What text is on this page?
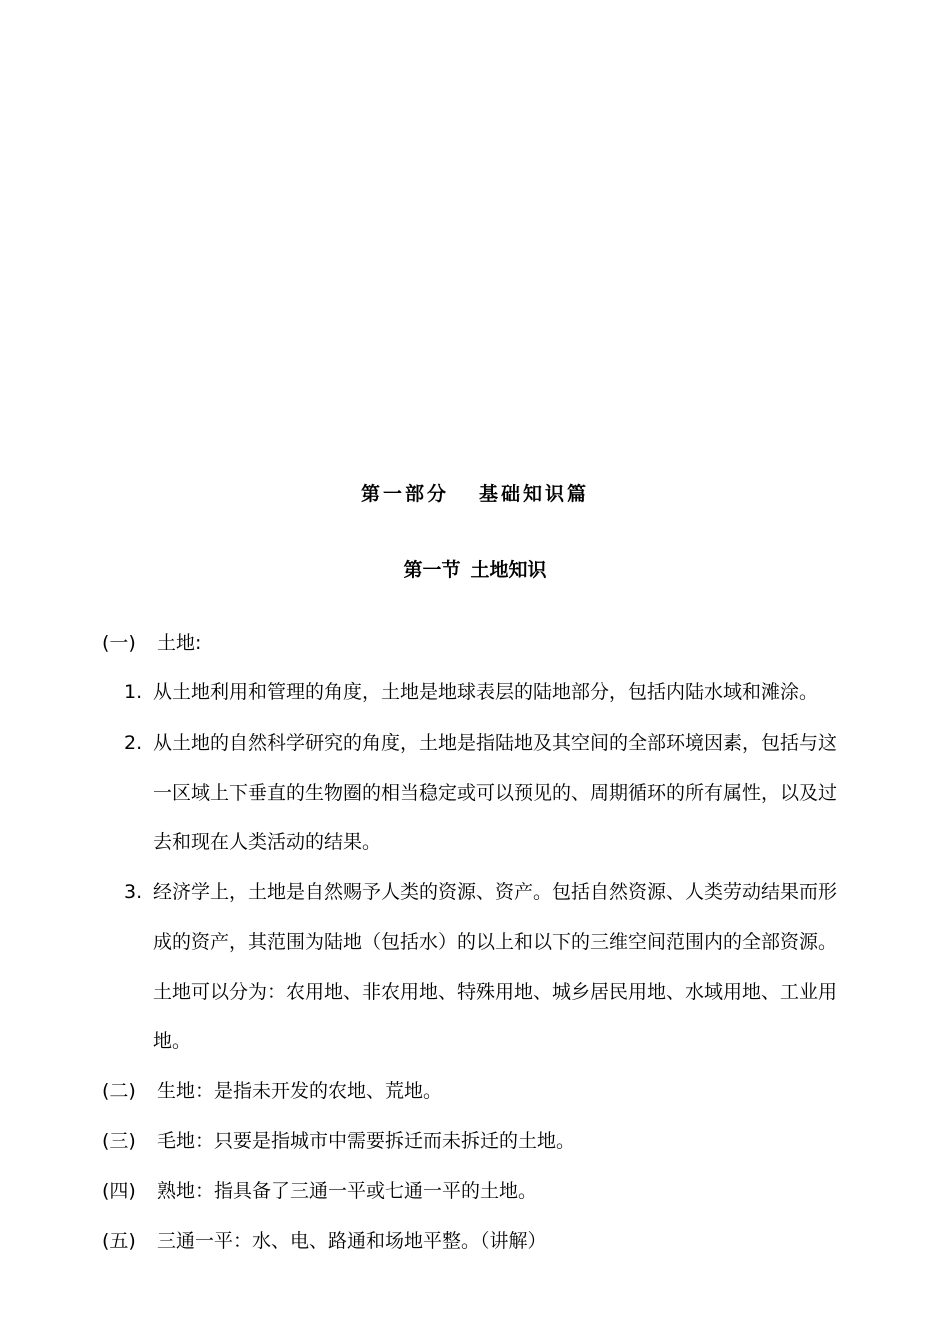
第一部分 基础知识篇
第一节 土地知识
(一) 土地:
1. 从土地利用和管理的角度，土地是地球表层的陆地部分，包括内陆水域和滩涂。
2. 从土地的自然科学研究的角度，土地是指陆地及其空间的全部环境因素，包括与这
一区域上下垂直的生物圈的相当稳定或可以预见的、周期循环的所有属性，以及过
去和现在人类活动的结果。
3. 经济学上，土地是自然赐予人类的资源、资产。包括自然资源、人类劳动结果而形
成的资产，其范围为陆地（包括水）的以上和以下的三维空间范围内的全部资源。
土地可以分为：农用地、非农用地、特殊用地、城乡居民用地、水域用地、工业用
地。
(二) 生地：是指未开发的农地、荒地。
(三) 毛地：只要是指城市中需要拆迁而未拆迁的土地。
(四) 熟地：指具备了三通一平或七通一平的土地。
(五) 三通一平：水、电、路通和场地平整。（讲解）
